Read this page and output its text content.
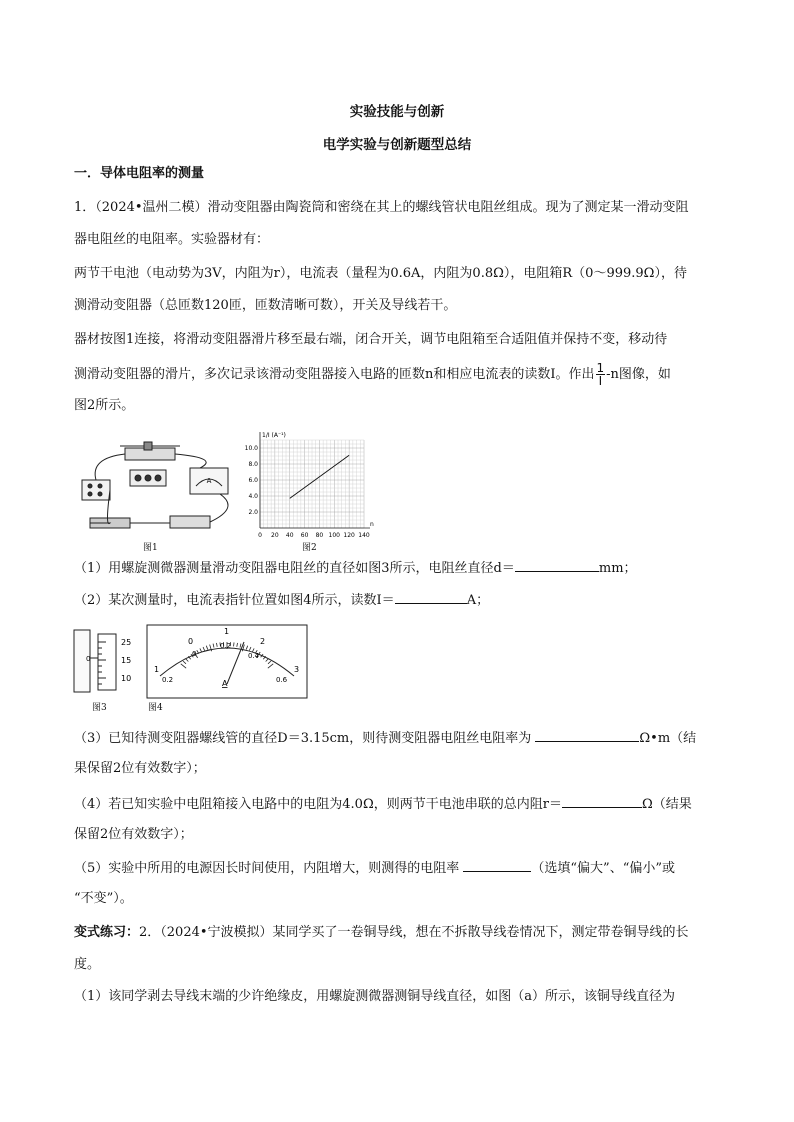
实验技能与创新
电学实验与创新题型总结
一．导体电阻率的测量
1．（2024•温州二模）滑动变阻器由陶瓷筒和密绕在其上的螺线管状电阻丝组成。现为了测定某一滑动变阻
器电阻丝的电阻率。实验器材有：
两节干电池（电动势为3V，内阻为r），电流表（量程为0.6A，内阻为0.8Ω），电阻箱R（0～999.9Ω），待
测滑动变阻器（总匝数120匝，匝数清晰可数），开关及导线若干。
器材按图1连接，将滑动变阻器滑片移至最右端，闭合开关，调节电阻箱至合适阻值并保持不变，移动待
测滑动变阻器的滑片，多次记录该滑动变阻器接入电路的匝数n和相应电流表的读数I。作出 $\frac{1}{I} -n$图像，如
图2所示。
A
图1
n
1/I (A⁻¹)
0 20 40 60 80 100 120 140
2.0
4.0
6.0
8.0
10.0
图2
（1）用螺旋测微器测量滑动变阻器电阻丝的直径如图3所示，电阻丝直径d＝	mm；
（2）某次测量时，电流表指针位置如图4所示，读数I＝	A；
25
15
10
0
图3
1
0
1
2
3
0.2
0
0.2
0.4
0.6
A
图4
（3）已知待测变阻器螺线管的直径D＝3.15cm，则待测变阻器电阻丝电阻率为	Ω•m（结
果保留2位有效数字）；
（4）若已知实验中电阻箱接入电路中的电阻为4.0Ω，则两节干电池串联的总内阻r＝	Ω（结果
保留2位有效数字）；
（5）实验中所用的电源因长时间使用，内阻增大，则测得的电阻率	（选填“偏大”、“偏小”或
“不变”）。
变式练习：2．（2024•宁波模拟）某同学买了一卷铜导线，想在不拆散导线卷情况下，测定带卷铜导线的长
度。
（1）该同学剥去导线末端的少许绝缘皮，用螺旋测微器测铜导线直径，如图（a）所示，该铜导线直径为
